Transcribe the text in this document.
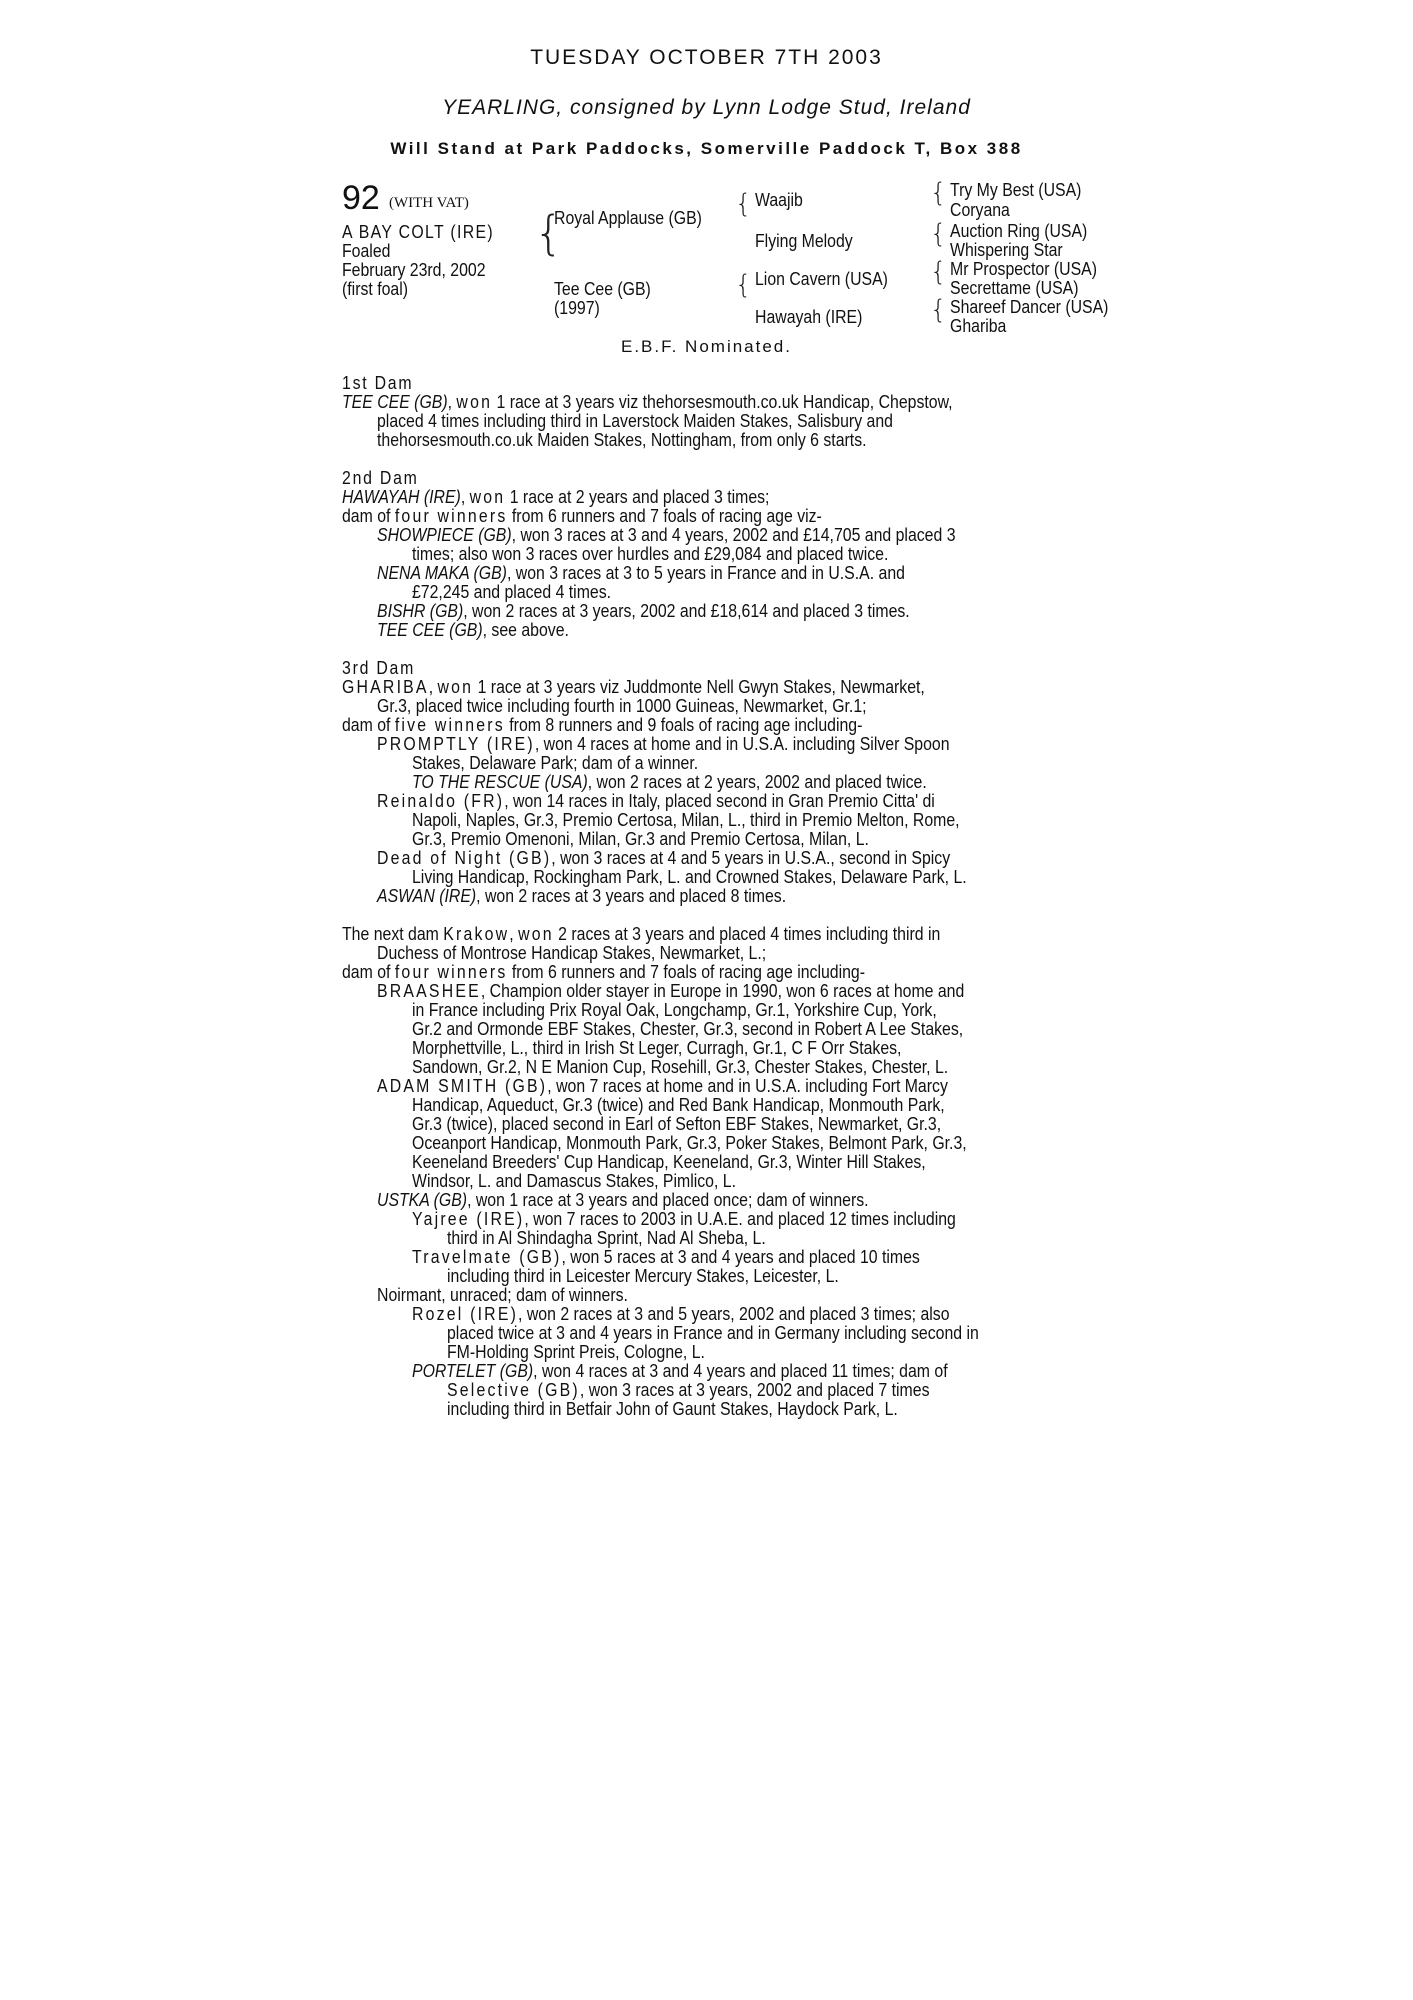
TUESDAY OCTOBER 7TH 2003
YEARLING, consigned by Lynn Lodge Stud, Ireland
Will Stand at Park Paddocks, Somerville Paddock T, Box 388
92 (WITH VAT)
A BAY COLT (IRE)
Foaled
February 23rd, 2002
(first foal)
{
Royal Applause (GB)
Tee Cee (GB)
(1997)
{ Waajib
Flying Melody
{ Lion Cavern (USA)
Hawayah (IRE)
{ Try My Best (USA)
Coryana
{ Auction Ring (USA)
Whispering Star
{ Mr Prospector (USA)
Secrettame (USA)
{ Shareef Dancer (USA)
Ghariba
E.B.F. Nominated.
1st Dam
TEE CEE (GB), won 1 race at 3 years viz thehorsesmouth.co.uk Handicap, Chepstow,
placed 4 times including third in Laverstock Maiden Stakes, Salisbury and
thehorsesmouth.co.uk Maiden Stakes, Nottingham, from only 6 starts.
2nd Dam
HAWAYAH (IRE), won 1 race at 2 years and placed 3 times;
dam of four winners from 6 runners and 7 foals of racing age viz-
SHOWPIECE (GB), won 3 races at 3 and 4 years, 2002 and £14,705 and placed 3
times; also won 3 races over hurdles and £29,084 and placed twice.
NENA MAKA (GB), won 3 races at 3 to 5 years in France and in U.S.A. and
£72,245 and placed 4 times.
BISHR (GB), won 2 races at 3 years, 2002 and £18,614 and placed 3 times.
TEE CEE (GB), see above.
3rd Dam
GHARIBA, won 1 race at 3 years viz Juddmonte Nell Gwyn Stakes, Newmarket,
Gr.3, placed twice including fourth in 1000 Guineas, Newmarket, Gr.1;
dam of five winners from 8 runners and 9 foals of racing age including-
PROMPTLY (IRE), won 4 races at home and in U.S.A. including Silver Spoon
Stakes, Delaware Park; dam of a winner.
TO THE RESCUE (USA), won 2 races at 2 years, 2002 and placed twice.
Reinaldo (FR), won 14 races in Italy, placed second in Gran Premio Citta' di
Napoli, Naples, Gr.3, Premio Certosa, Milan, L., third in Premio Melton, Rome,
Gr.3, Premio Omenoni, Milan, Gr.3 and Premio Certosa, Milan, L.
Dead of Night (GB), won 3 races at 4 and 5 years in U.S.A., second in Spicy
Living Handicap, Rockingham Park, L. and Crowned Stakes, Delaware Park, L.
ASWAN (IRE), won 2 races at 3 years and placed 8 times.
The next dam Krakow, won 2 races at 3 years and placed 4 times including third in
Duchess of Montrose Handicap Stakes, Newmarket, L.;
dam of four winners from 6 runners and 7 foals of racing age including-
BRAASHEE, Champion older stayer in Europe in 1990, won 6 races at home and
in France including Prix Royal Oak, Longchamp, Gr.1, Yorkshire Cup, York,
Gr.2 and Ormonde EBF Stakes, Chester, Gr.3, second in Robert A Lee Stakes,
Morphettville, L., third in Irish St Leger, Curragh, Gr.1, C F Orr Stakes,
Sandown, Gr.2, N E Manion Cup, Rosehill, Gr.3, Chester Stakes, Chester, L.
ADAM SMITH (GB), won 7 races at home and in U.S.A. including Fort Marcy
Handicap, Aqueduct, Gr.3 (twice) and Red Bank Handicap, Monmouth Park,
Gr.3 (twice), placed second in Earl of Sefton EBF Stakes, Newmarket, Gr.3,
Oceanport Handicap, Monmouth Park, Gr.3, Poker Stakes, Belmont Park, Gr.3,
Keeneland Breeders' Cup Handicap, Keeneland, Gr.3, Winter Hill Stakes,
Windsor, L. and Damascus Stakes, Pimlico, L.
USTKA (GB), won 1 race at 3 years and placed once; dam of winners.
Yajree (IRE), won 7 races to 2003 in U.A.E. and placed 12 times including
third in Al Shindagha Sprint, Nad Al Sheba, L.
Travelmate (GB), won 5 races at 3 and 4 years and placed 10 times
including third in Leicester Mercury Stakes, Leicester, L.
Noirmant, unraced; dam of winners.
Rozel (IRE), won 2 races at 3 and 5 years, 2002 and placed 3 times; also
placed twice at 3 and 4 years in France and in Germany including second in
FM-Holding Sprint Preis, Cologne, L.
PORTELET (GB), won 4 races at 3 and 4 years and placed 11 times; dam of
Selective (GB), won 3 races at 3 years, 2002 and placed 7 times
including third in Betfair John of Gaunt Stakes, Haydock Park, L.
